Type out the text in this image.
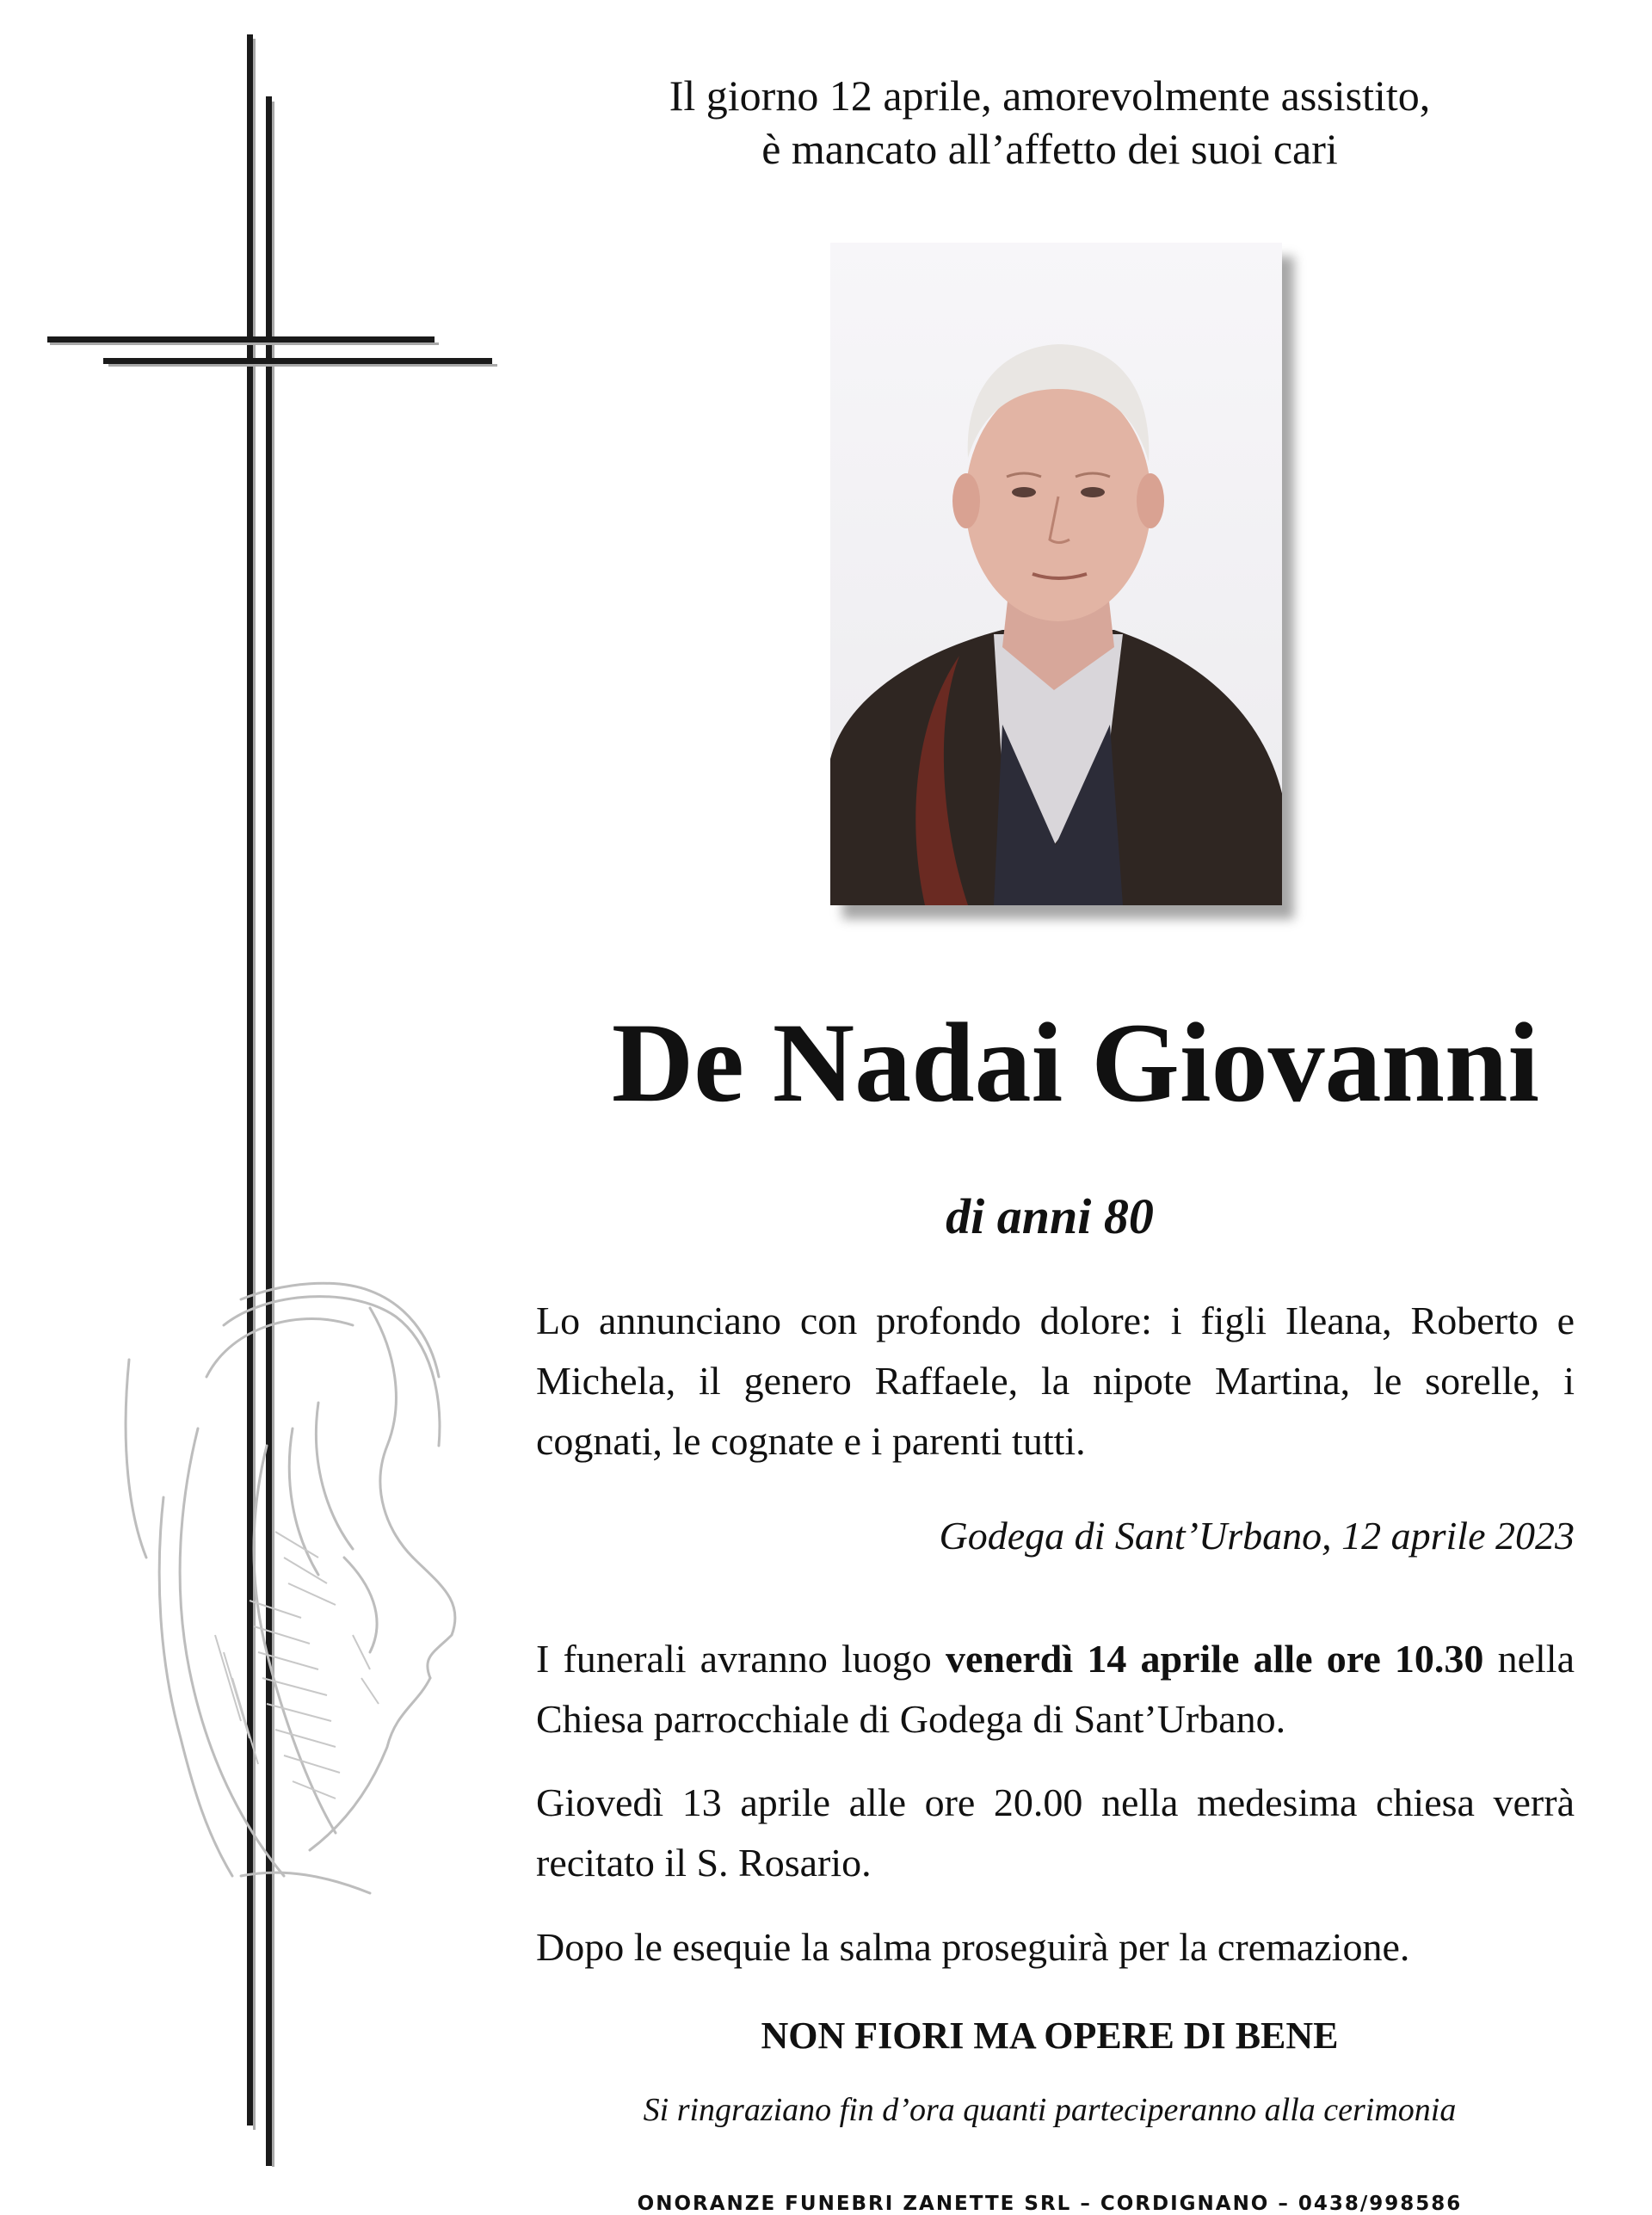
Il giorno 12 aprile, amorevolmente assistito,
è mancato all’affetto dei suoi cari
De Nadai Giovanni
di anni 80
Lo annunciano con profondo dolore: i figli Ileana, Roberto e Michela, il genero Raffaele, la nipote Martina, le sorelle, i cognati, le cognate e i parenti tutti.
Godega di Sant’Urbano, 12 aprile 2023
I funerali avranno luogo venerdì 14 aprile alle ore 10.30 nella Chiesa parrocchiale di Godega di Sant’Urbano.
Giovedì 13 aprile alle ore 20.00 nella medesima chiesa verrà recitato il S. Rosario.
Dopo le esequie la salma proseguirà per la cremazione.
NON FIORI MA OPERE DI BENE
Si ringraziano fin d’ora quanti parteciperanno alla cerimonia
ONORANZE FUNEBRI ZANETTE SRL – CORDIGNANO – 0438/998586
